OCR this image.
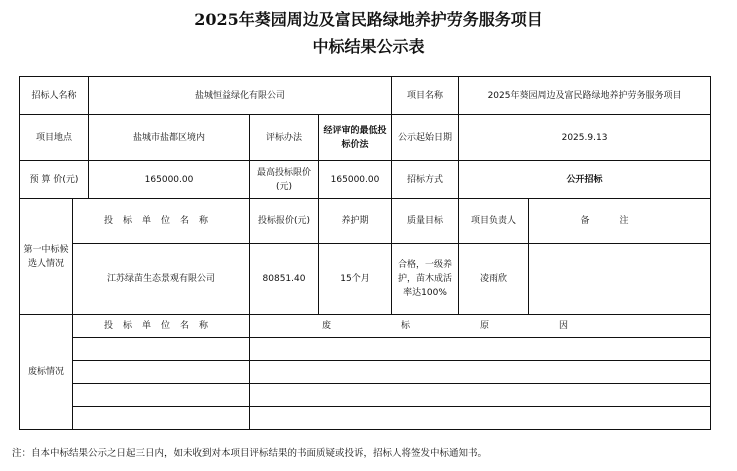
2025年葵园周边及富民路绿地养护劳务服务项目
中标结果公示表
招标人名称		盐城恒益绿化有限公司			项目名称	2025年葵园周边及富民路绿地养护劳务服务项目	
项目地点		盐城市盐都区境内	评标办法	经评审的最低投标价法	公示起始日期	2025.9.13	
预 算 价(元)		165000.00	最高投标限价(元)	165000.00	招标方式	公开招标	
第一中标候选人情况	投标单位名称		投标报价(元)	养护期	质量目标	项目负责人	备注
	江苏绿苗生态景观有限公司		80851.40	15个月	合格，一级养护，苗木成活率达100%	凌雨欣	
废标情况	投标单位名称		废标原因				

注：自本中标结果公示之日起三日内，如未收到对本项目评标结果的书面质疑或投诉，招标人将签发中标通知书。
